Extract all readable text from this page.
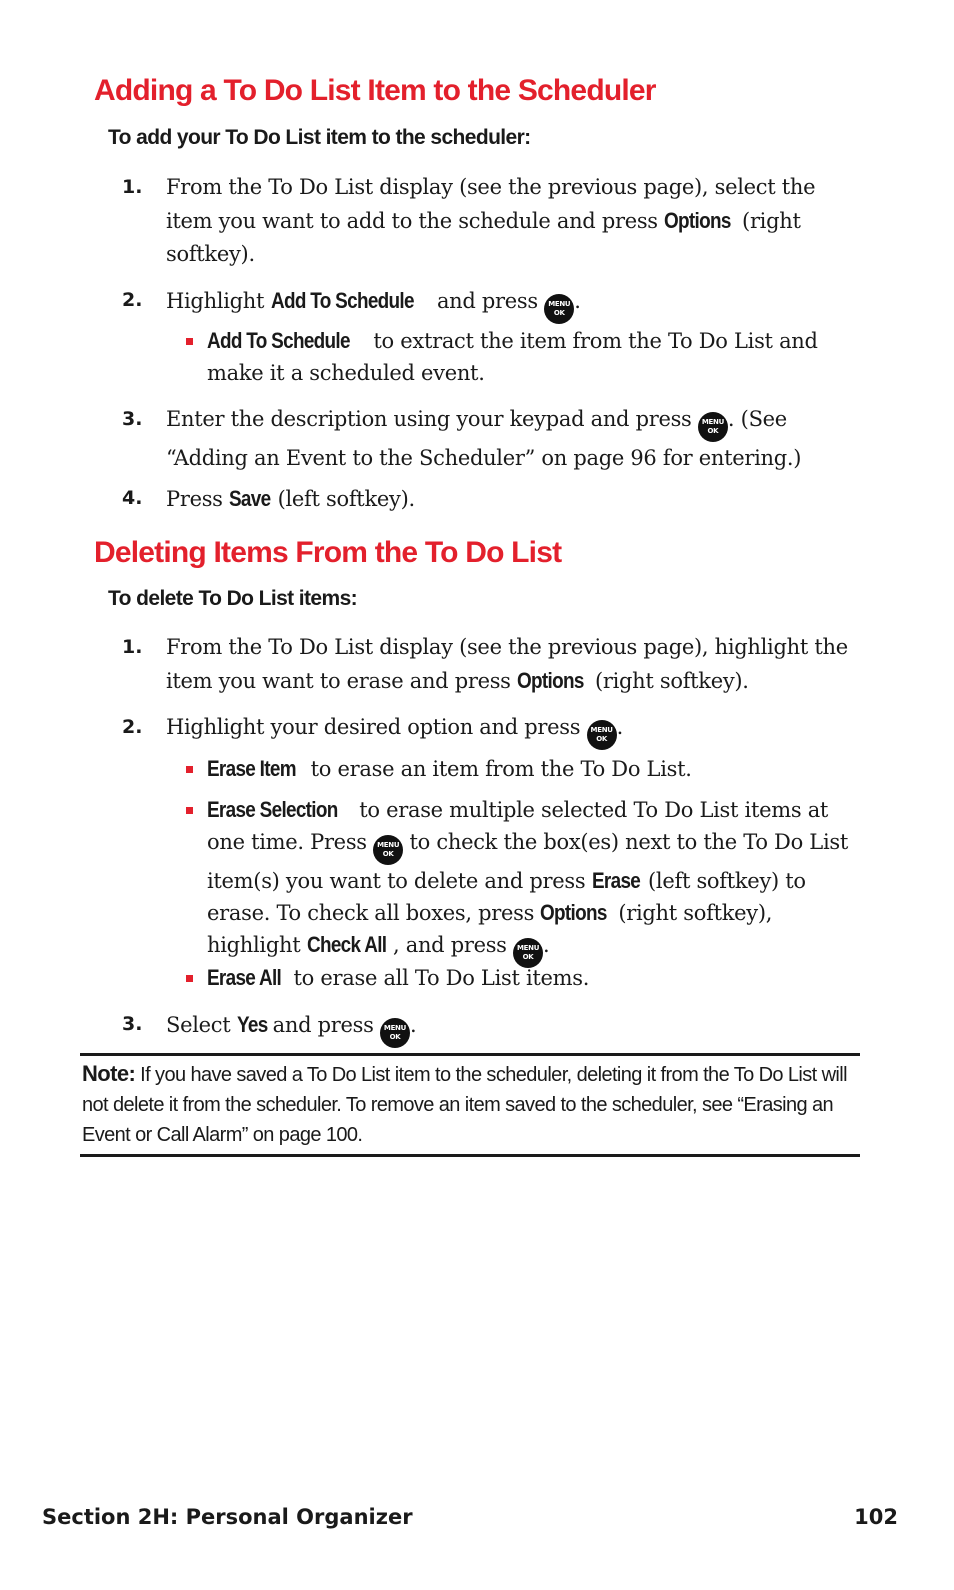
Adding a To Do List Item to the Scheduler
To add your To Do List item to the scheduler:
1.	From the To Do List display (see the previous page), select the item you want to add to the schedule and press Options (right softkey).
2.	Highlight Add To Schedule and press MENU
OK .
Add To Schedule to extract the item from the To Do List and make it a scheduled event.
3.	Enter the description using your keypad and press MENU
OK . (See “Adding an Event to the Scheduler” on page 96 for entering.)
4.	Press Save (left softkey).
Deleting Items From the To Do List
To delete To Do List items:
1.	From the To Do List display (see the previous page), highlight the item you want to erase and press Options (right softkey).
2.	Highlight your desired option and press MENU
OK .
Erase Item to erase an item from the To Do List.
Erase Selection to erase multiple selected To Do List items at one time. Press MENU
OK to check the box(es) next to the To Do List item(s) you want to delete and press Erase (left softkey) to erase. To check all boxes, press Options (right softkey), highlight Check All , and press MENU
OK .
Erase All to erase all To Do List items.
3.	Select Yes and press MENU
OK .
Note: If you have saved a To Do List item to the scheduler, deleting it from the To Do List will not delete it from the scheduler. To remove an item saved to the scheduler, see “Erasing an Event or Call Alarm” on page 100.
Section 2H: Personal Organizer	102
